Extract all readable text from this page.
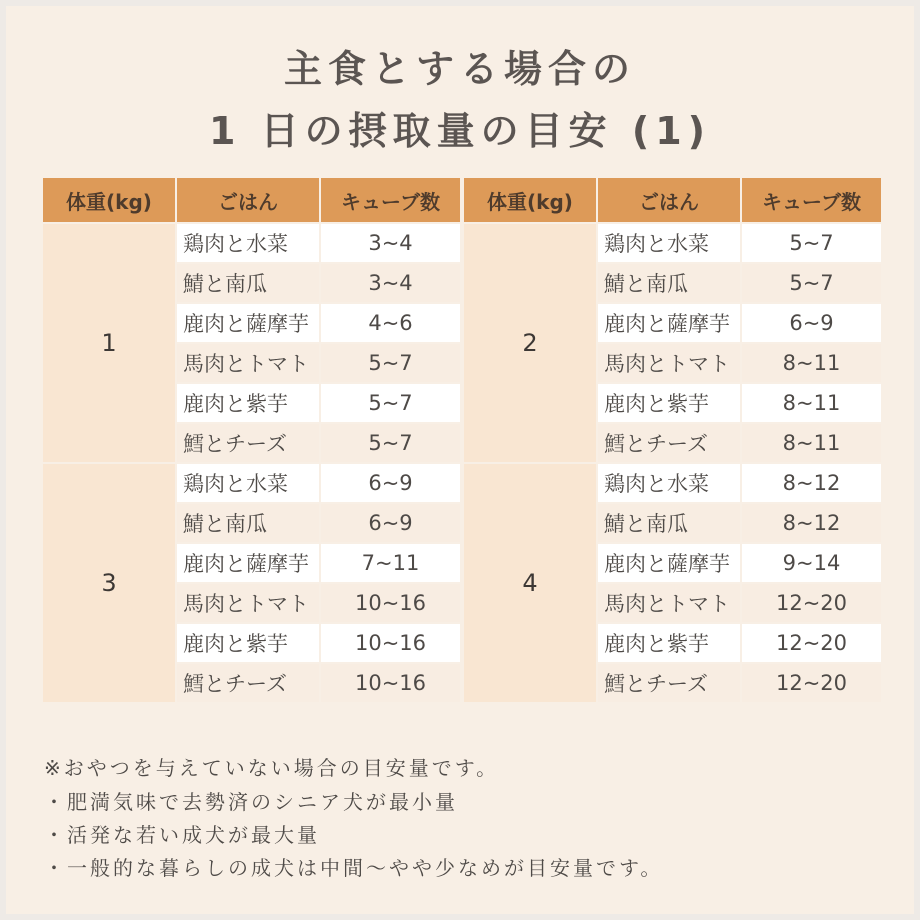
主食とする場合の
1 日の摂取量の目安 (1)
体重(kg)	ごはん	キューブ数
1	鶏肉と水菜	3~4
	鯖と南瓜	3~4
	鹿肉と薩摩芋	4~6
	馬肉とトマト	5~7
	鹿肉と紫芋	5~7
	鱈とチーズ	5~7
3	鶏肉と水菜	6~9
	鯖と南瓜	6~9
	鹿肉と薩摩芋	7~11
	馬肉とトマト	10~16
	鹿肉と紫芋	10~16
	鱈とチーズ	10~16
体重(kg)	ごはん	キューブ数
2	鶏肉と水菜	5~7
	鯖と南瓜	5~7
	鹿肉と薩摩芋	6~9
	馬肉とトマト	8~11
	鹿肉と紫芋	8~11
	鱈とチーズ	8~11
4	鶏肉と水菜	8~12
	鯖と南瓜	8~12
	鹿肉と薩摩芋	9~14
	馬肉とトマト	12~20
	鹿肉と紫芋	12~20
	鱈とチーズ	12~20
※おやつを与えていない場合の目安量です。
・肥満気味で去勢済のシニア犬が最小量
・活発な若い成犬が最大量
・一般的な暮らしの成犬は中間〜やや少なめが目安量です。
